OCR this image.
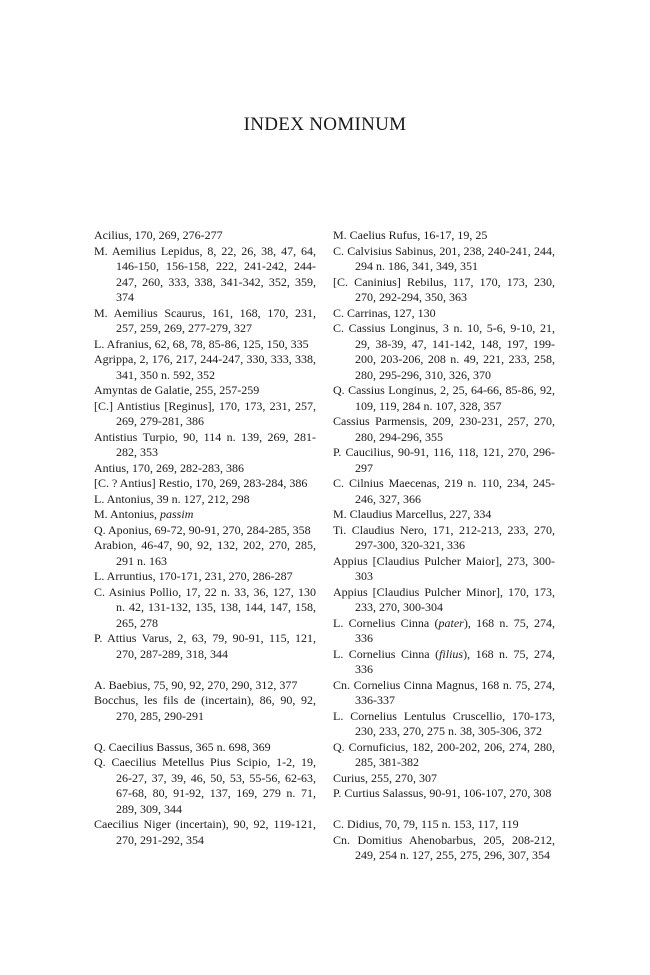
INDEX NOMINUM
Acilius, 170, 269, 276-277
M. Aemilius Lepidus, 8, 22, 26, 38, 47, 64, 146-150, 156-158, 222, 241-242, 244-247, 260, 333, 338, 341-342, 352, 359, 374
M. Aemilius Scaurus, 161, 168, 170, 231, 257, 259, 269, 277-279, 327
L. Afranius, 62, 68, 78, 85-86, 125, 150, 335
Agrippa, 2, 176, 217, 244-247, 330, 333, 338, 341, 350 n. 592, 352
Amyntas de Galatie, 255, 257-259
[C.] Antistius [Reginus], 170, 173, 231, 257, 269, 279-281, 386
Antistius Turpio, 90, 114 n. 139, 269, 281-282, 353
Antius, 170, 269, 282-283, 386
[C. ? Antius] Restio, 170, 269, 283-284, 386
L. Antonius, 39 n. 127, 212, 298
M. Antonius, passim
Q. Aponius, 69-72, 90-91, 270, 284-285, 358
Arabion, 46-47, 90, 92, 132, 202, 270, 285, 291 n. 163
L. Arruntius, 170-171, 231, 270, 286-287
C. Asinius Pollio, 17, 22 n. 33, 36, 127, 130 n. 42, 131-132, 135, 138, 144, 147, 158, 265, 278
P. Attius Varus, 2, 63, 79, 90-91, 115, 121, 270, 287-289, 318, 344
A. Baebius, 75, 90, 92, 270, 290, 312, 377
Bocchus, les fils de (incertain), 86, 90, 92, 270, 285, 290-291
Q. Caecilius Bassus, 365 n. 698, 369
Q. Caecilius Metellus Pius Scipio, 1-2, 19, 26-27, 37, 39, 46, 50, 53, 55-56, 62-63, 67-68, 80, 91-92, 137, 169, 279 n. 71, 289, 309, 344
Caecilius Niger (incertain), 90, 92, 119-121, 270, 291-292, 354
M. Caelius Rufus, 16-17, 19, 25
C. Calvisius Sabinus, 201, 238, 240-241, 244, 294 n. 186, 341, 349, 351
[C. Caninius] Rebilus, 117, 170, 173, 230, 270, 292-294, 350, 363
C. Carrinas, 127, 130
C. Cassius Longinus, 3 n. 10, 5-6, 9-10, 21, 29, 38-39, 47, 141-142, 148, 197, 199-200, 203-206, 208 n. 49, 221, 233, 258, 280, 295-296, 310, 326, 370
Q. Cassius Longinus, 2, 25, 64-66, 85-86, 92, 109, 119, 284 n. 107, 328, 357
Cassius Parmensis, 209, 230-231, 257, 270, 280, 294-296, 355
P. Caucilius, 90-91, 116, 118, 121, 270, 296-297
C. Cilnius Maecenas, 219 n. 110, 234, 245-246, 327, 366
M. Claudius Marcellus, 227, 334
Ti. Claudius Nero, 171, 212-213, 233, 270, 297-300, 320-321, 336
Appius [Claudius Pulcher Maior], 273, 300-303
Appius [Claudius Pulcher Minor], 170, 173, 233, 270, 300-304
L. Cornelius Cinna (pater), 168 n. 75, 274, 336
L. Cornelius Cinna (filius), 168 n. 75, 274, 336
Cn. Cornelius Cinna Magnus, 168 n. 75, 274, 336-337
L. Cornelius Lentulus Cruscellio, 170-173, 230, 233, 270, 275 n. 38, 305-306, 372
Q. Cornuficius, 182, 200-202, 206, 274, 280, 285, 381-382
Curius, 255, 270, 307
P. Curtius Salassus, 90-91, 106-107, 270, 308
C. Didius, 70, 79, 115 n. 153, 117, 119
Cn. Domitius Ahenobarbus, 205, 208-212, 249, 254 n. 127, 255, 275, 296, 307, 354
